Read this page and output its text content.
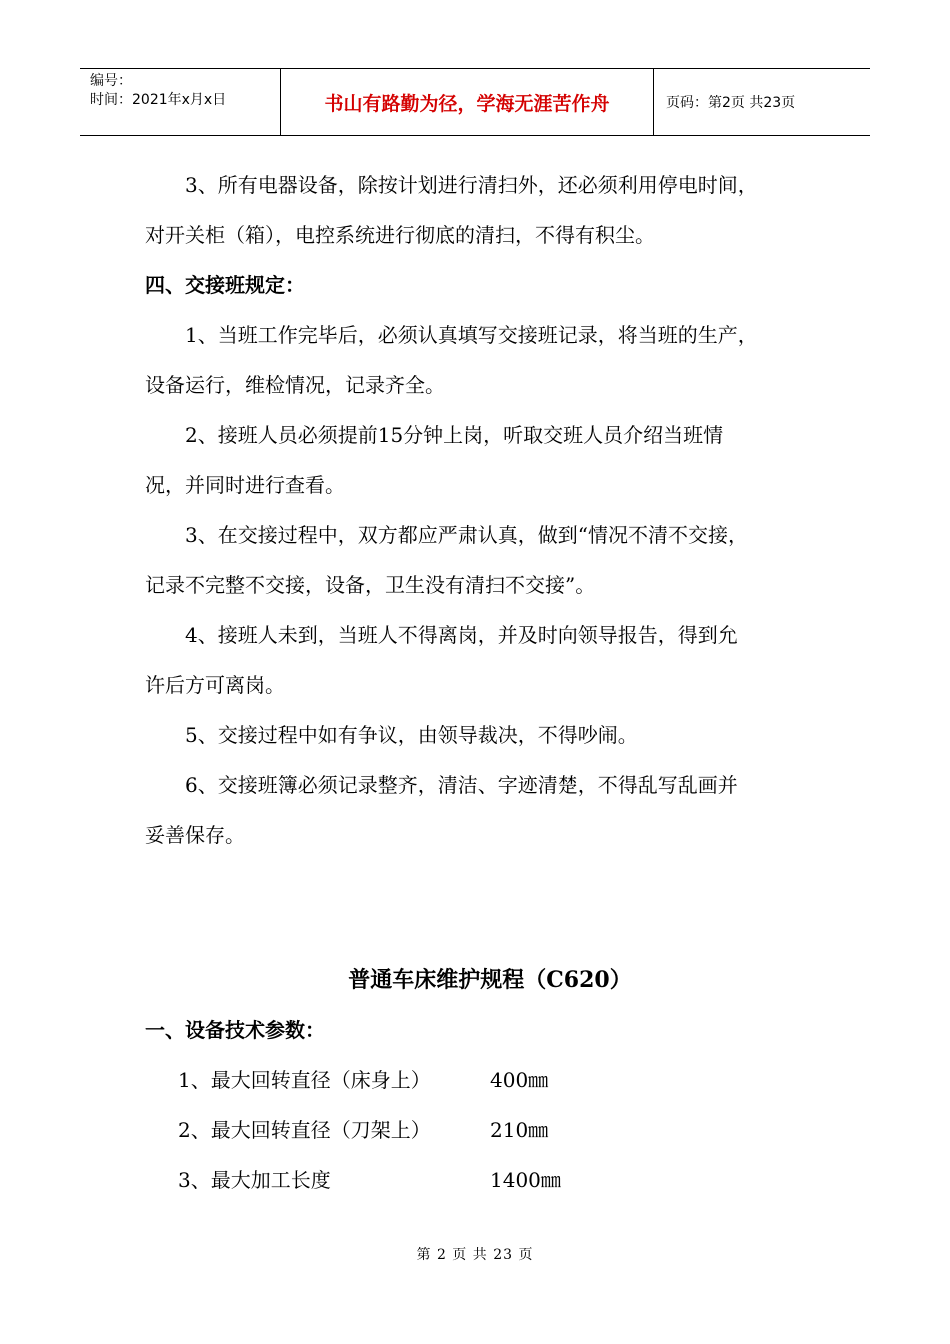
编号：
时间：2021年x月x日	书山有路勤为径，学海无涯苦作舟	页码：第2页 共23页

3、所有电器设备，除按计划进行清扫外，还必须利用停电时间，

对开关柜（箱），电控系统进行彻底的清扫，不得有积尘。

四、交接班规定：

1、当班工作完毕后，必须认真填写交接班记录，将当班的生产，

设备运行，维检情况，记录齐全。

2、接班人员必须提前15分钟上岗，听取交班人员介绍当班情

况，并同时进行查看。

3、在交接过程中，双方都应严肃认真，做到“情况不清不交接，

记录不完整不交接，设备，卫生没有清扫不交接”。

4、接班人未到，当班人不得离岗，并及时向领导报告，得到允

许后方可离岗。

5、交接过程中如有争议，由领导裁决，不得吵闹。

6、交接班簿必须记录整齐，清洁、字迹清楚，不得乱写乱画并

妥善保存。

普通车床维护规程（C620）
一、设备技术参数：
1、最大回转直径（床身上）	400㎜
2、最大回转直径（刀架上）	210㎜
3、最大加工长度	1400㎜
第 2 页 共 23 页
